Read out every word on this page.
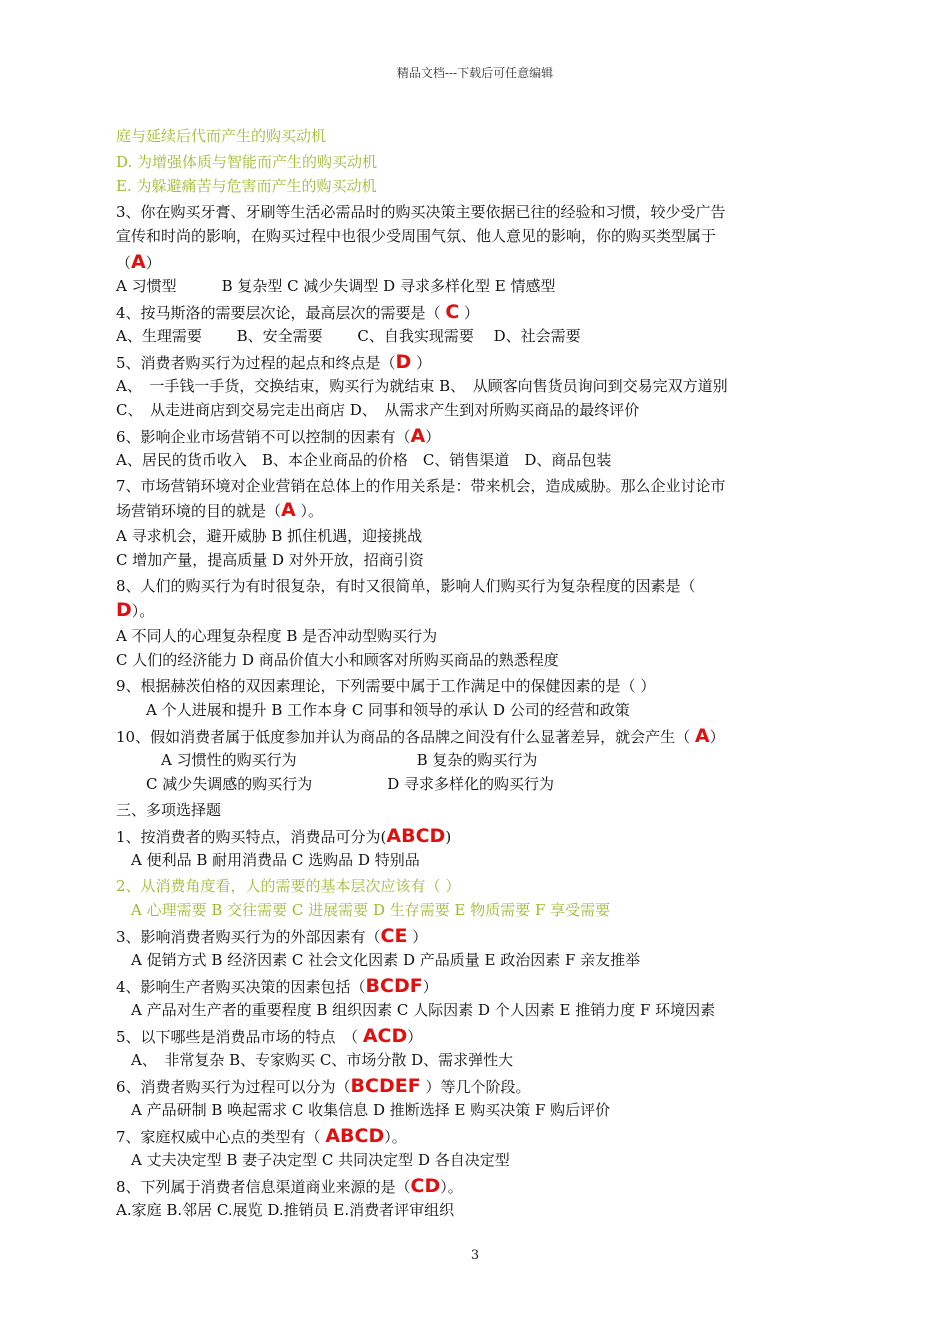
精品文档---下载后可任意编辑
庭与延续后代而产生的购买动机
D. 为增强体质与智能而产生的购买动机
E. 为躲避痛苦与危害而产生的购买动机
3、你在购买牙膏、牙刷等生活必需品时的购买决策主要依据已往的经验和习惯，较少受广告
宣传和时尚的影响，在购买过程中也很少受周围气氛、他人意见的影响，你的购买类型属于
（A）
A 习惯型　　　B 复杂型 C 减少失调型 D 寻求多样化型 E 情感型
4、按马斯洛的需要层次论，最高层次的需要是（ C ）
A、生理需要　　 B、安全需要　　 C、自我实现需要　 D、社会需要
5、消费者购买行为过程的起点和终点是（D ）
A、　一手钱一手货，交换结束，购买行为就结束 B、　从顾客向售货员询问到交易完双方道别
C、　从走进商店到交易完走出商店 D、　从需求产生到对所购买商品的最终评价
6、影响企业市场营销不可以控制的因素有（A）
A、居民的货币收入　B、本企业商品的价格　C、销售渠道　D、商品包装
7、市场营销环境对企业营销在总体上的作用关系是：带来机会，造成威胁。那么企业讨论市
场营销环境的目的就是（A ）。
A 寻求机会，避开威胁 B 抓住机遇，迎接挑战
C 增加产量，提高质量 D 对外开放，招商引资
8、人们的购买行为有时很复杂，有时又很简单，影响人们购买行为复杂程度的因素是（
D）。
A 不同人的心理复杂程度 B 是否冲动型购买行为
C 人们的经济能力 D 商品价值大小和顾客对所购买商品的熟悉程度
9、根据赫茨伯格的双因素理论，下列需要中属于工作满足中的保健因素的是（ ）
　　A 个人进展和提升 B 工作本身 C 同事和领导的承认 D 公司的经营和政策
10、假如消费者属于低度参加并认为商品的各品牌之间没有什么显著差异，就会产生（ A）
　　　A 习惯性的购买行为　　　　　　　　B 复杂的购买行为
　　C 减少失调感的购买行为　　　　　D 寻求多样化的购买行为
三、多项选择题
1、按消费者的购买特点，消费品可分为(ABCD)
　A 便利品 B 耐用消费品 C 选购品 D 特别品
2、从消费角度看，人的需要的基本层次应该有（ ）
　A 心理需要 B 交往需要 C 进展需要 D 生存需要 E 物质需要 F 享受需要
3、影响消费者购买行为的外部因素有（CE ）
　A 促销方式 B 经济因素 C 社会文化因素 D 产品质量 E 政治因素 F 亲友推举
4、影响生产者购买决策的因素包括（BCDF）
　A 产品对生产者的重要程度 B 组织因素 C 人际因素 D 个人因素 E 推销力度 F 环境因素
5、以下哪些是消费品市场的特点　（ ACD）
　A、　非常复杂 B、专家购买 C、市场分散 D、需求弹性大
6、消费者购买行为过程可以分为（BCDEF ）等几个阶段。
　A 产品研制 B 唤起需求 C 收集信息 D 推断选择 E 购买决策 F 购后评价
7、家庭权威中心点的类型有（ ABCD）。
　A 丈夫决定型 B 妻子决定型 C 共同决定型 D 各自决定型
8、下列属于消费者信息渠道商业来源的是（CD）。
A.家庭 B.邻居 C.展览 D.推销员 E.消费者评审组织
3
